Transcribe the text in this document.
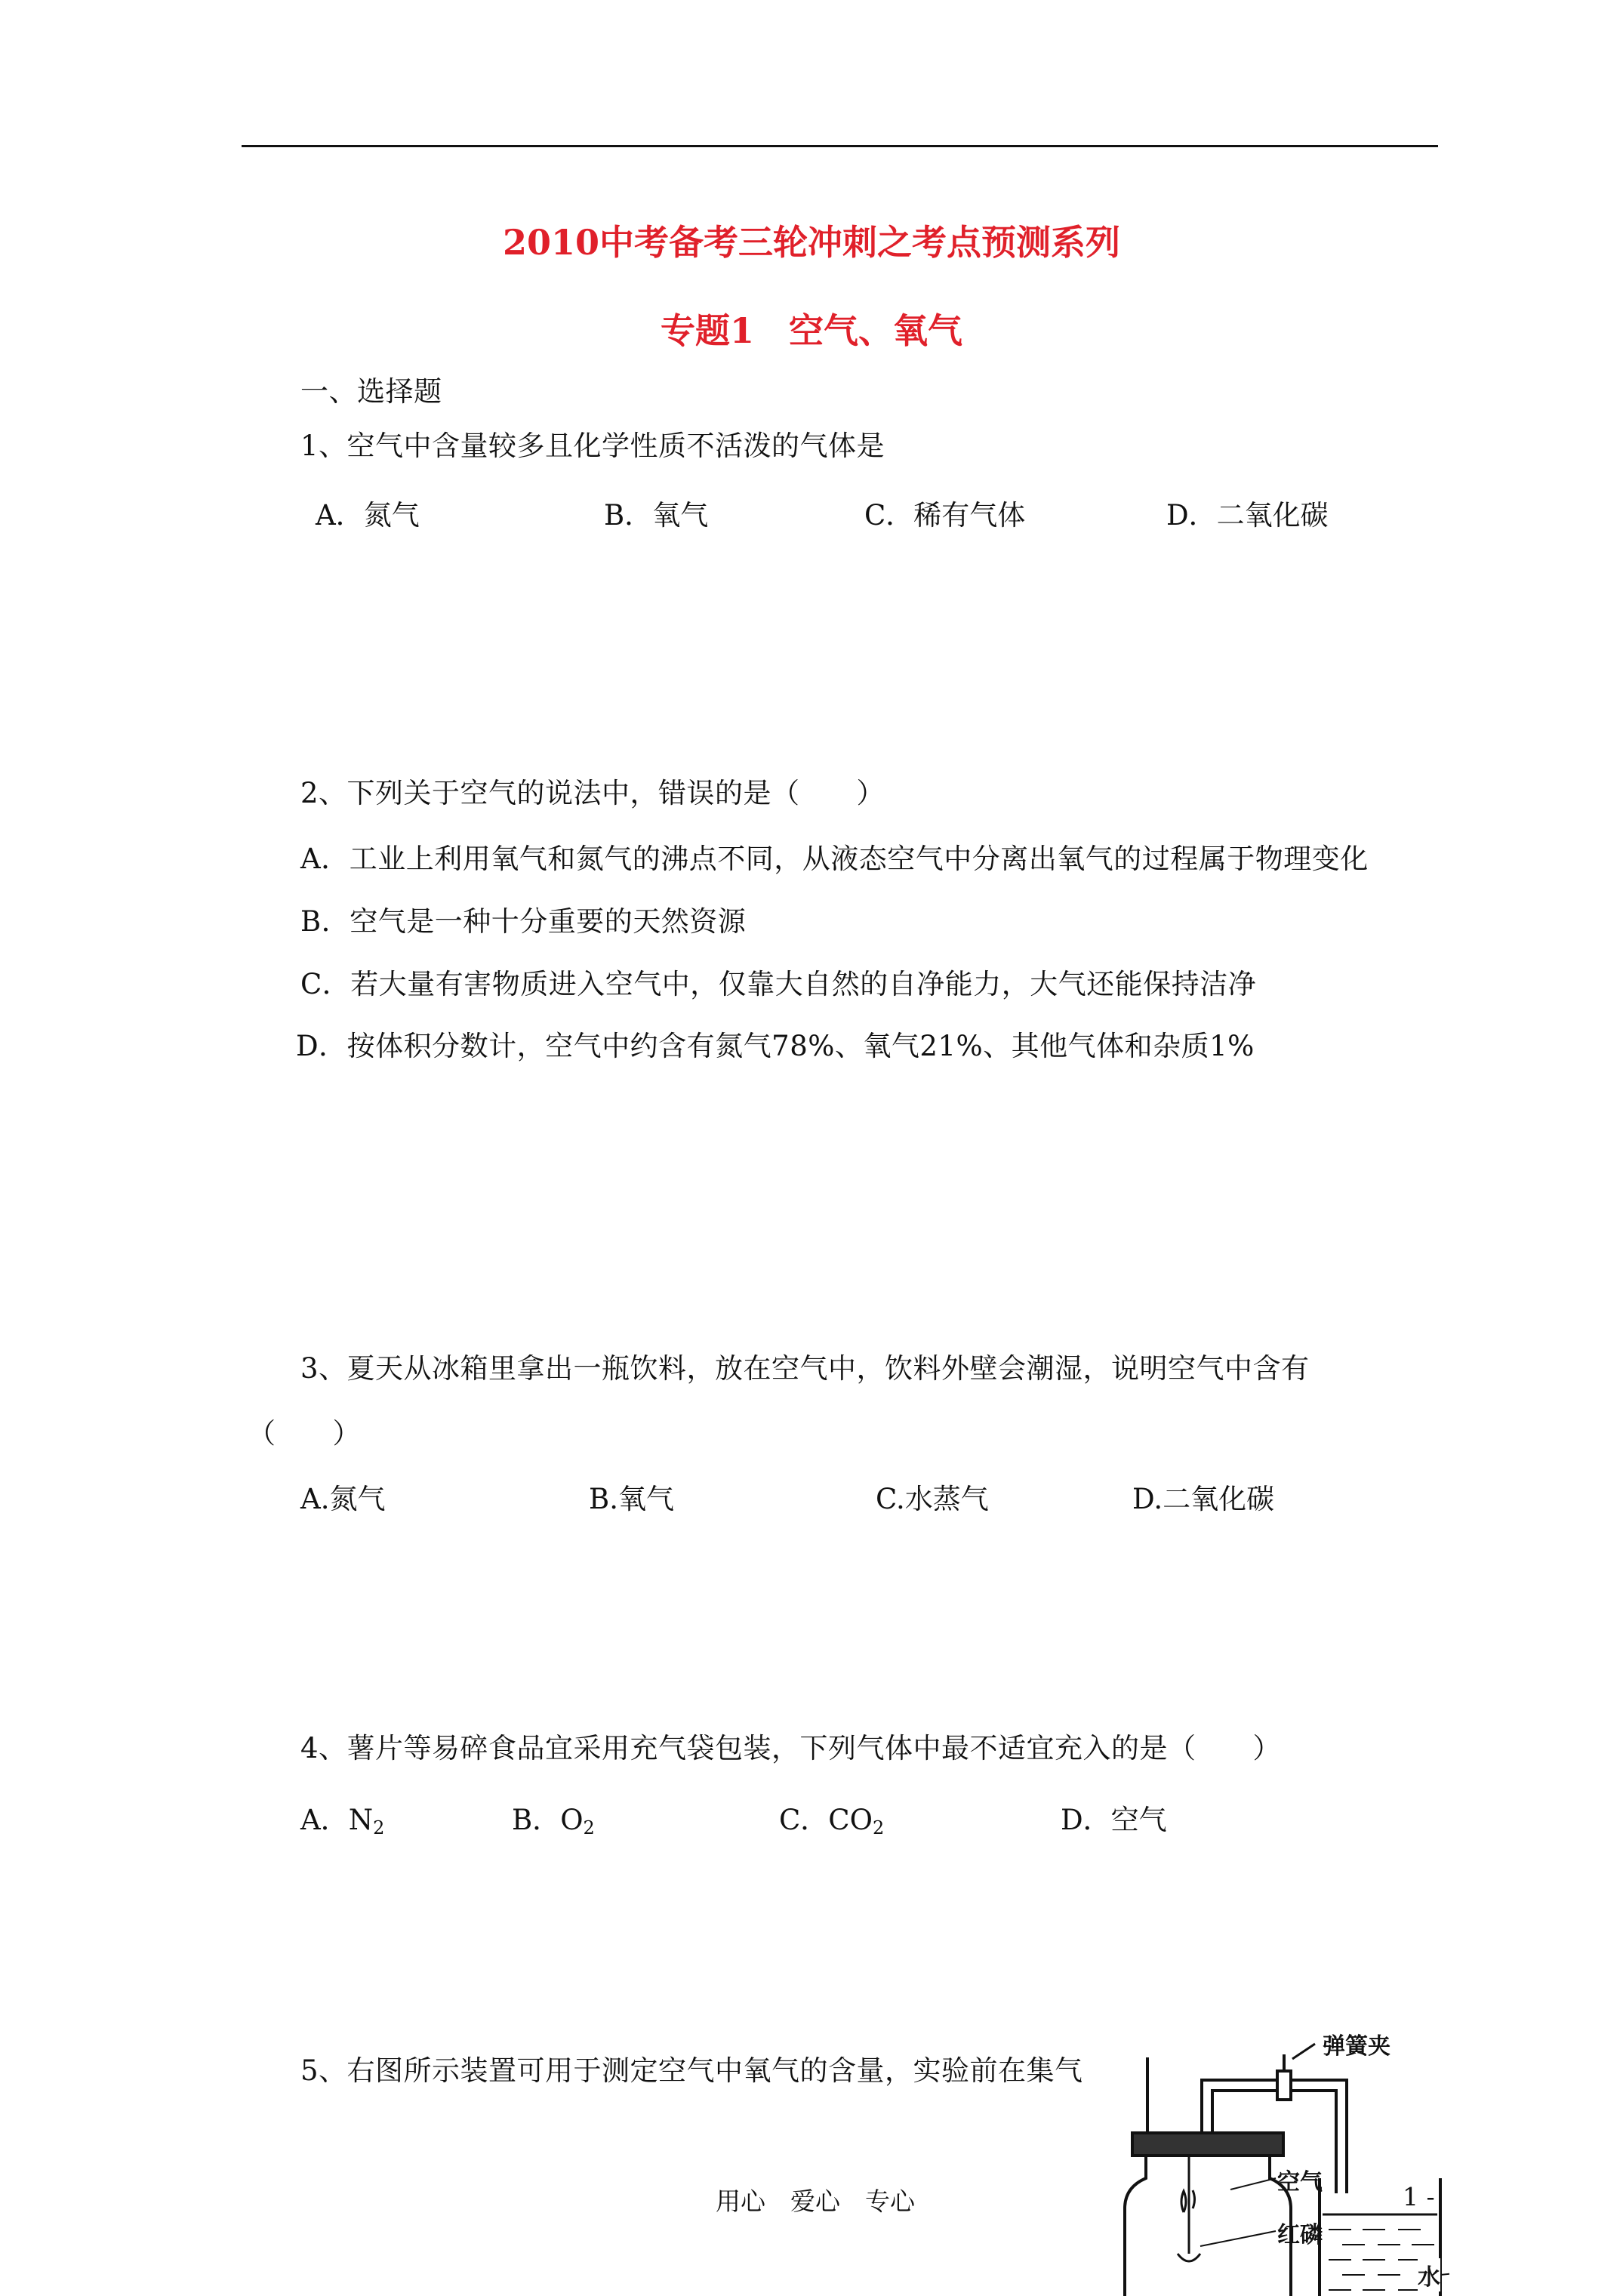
2010中考备考三轮冲刺之考点预测系列
专题1　空气、氧气
一、选择题
1、空气中含量较多且化学性质不活泼的气体是
A．氮气	B．氧气	C．稀有气体	D．二氧化碳
2、下列关于空气的说法中，错误的是（　　）
A．工业上利用氧气和氮气的沸点不同，从液态空气中分离出氧气的过程属于物理变化
B．空气是一种十分重要的天然资源
C．若大量有害物质进入空气中，仅靠大自然的自净能力，大气还能保持洁净
D．按体积分数计，空气中约含有氮气78%、氧气21%、其他气体和杂质1%
3、夏天从冰箱里拿出一瓶饮料，放在空气中，饮料外壁会潮湿，说明空气中含有
（　　）
A.氮气	B.氧气	C.水蒸气	D.二氧化碳
4、薯片等易碎食品宜采用充气袋包装，下列气体中最不适宜充入的是（　　）
A．$N_2$	B．$O_2$	C．$CO_2$	D．空气
5、右图所示装置可用于测定空气中氧气的含量，实验前在集气
弹簧夹
空气
红磷
水
用心　爱心　专心	1 -
